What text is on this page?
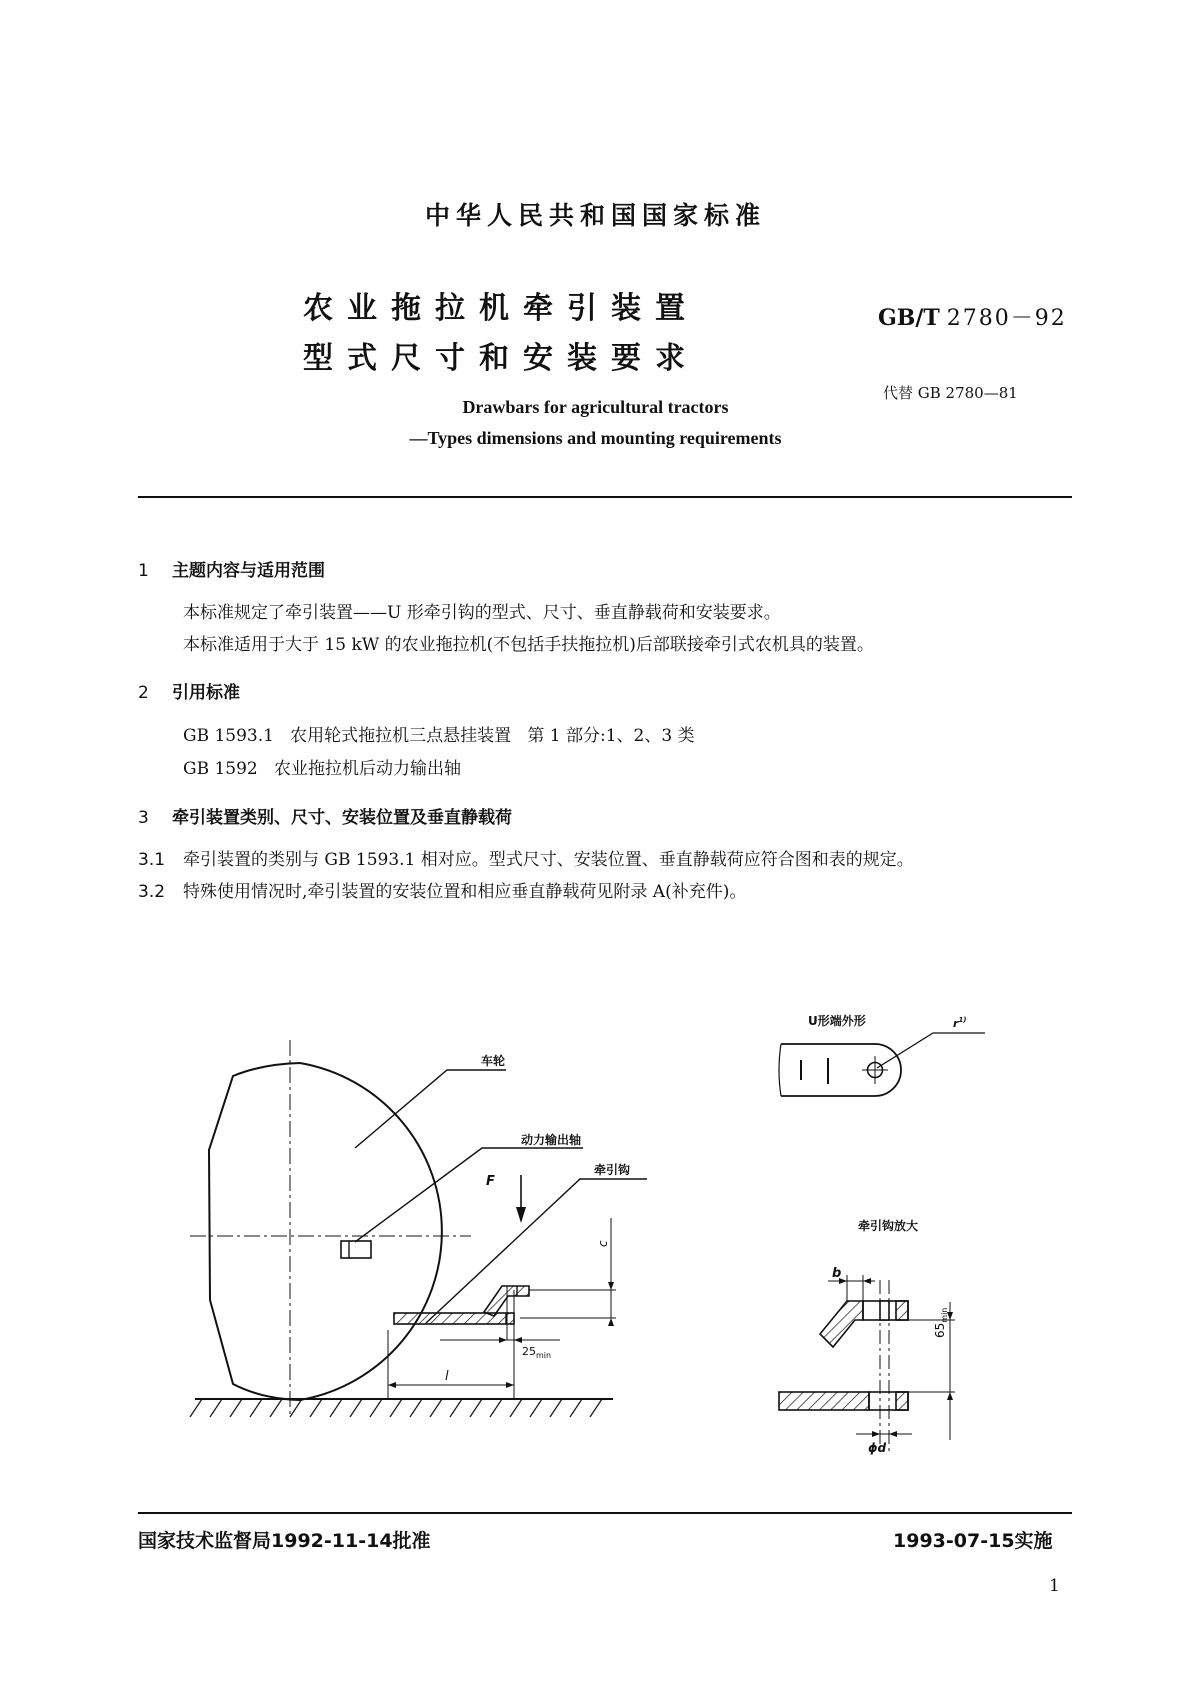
中华人民共和国国家标准
农业拖拉机牵引装置
型式尺寸和安装要求
GB/T 2780－92
代替 GB 2780—81
Drawbars for agricultural tractors
—Types dimensions and mounting requirements
1 主题内容与适用范围
本标准规定了牵引装置——U 形牵引钩的型式、尺寸、垂直静载荷和安装要求。
本标准适用于大于 15 kW 的农业拖拉机(不包括手扶拖拉机)后部联接牵引式农机具的装置。
2 引用标准
GB 1593.1   农用轮式拖拉机三点悬挂装置   第 1 部分:1、2、3 类
GB 1592   农业拖拉机后动力输出轴
3 牵引装置类别、尺寸、安装位置及垂直静载荷
3.1 牵引装置的类别与 GB 1593.1 相对应。型式尺寸、安装位置、垂直静载荷应符合图和表的规定。
3.2 特殊使用情况时,牵引装置的安装位置和相应垂直静载荷见附录 A(补充件)。
车轮
动力输出轴
F
牵引钩
c
$25_{min}$
l
U形端外形	$r^{1)}$
牵引钩放大
b
$65_{min}$
ϕd
国家技术监督局1992-11-14批准	1993-07-15实施
1
